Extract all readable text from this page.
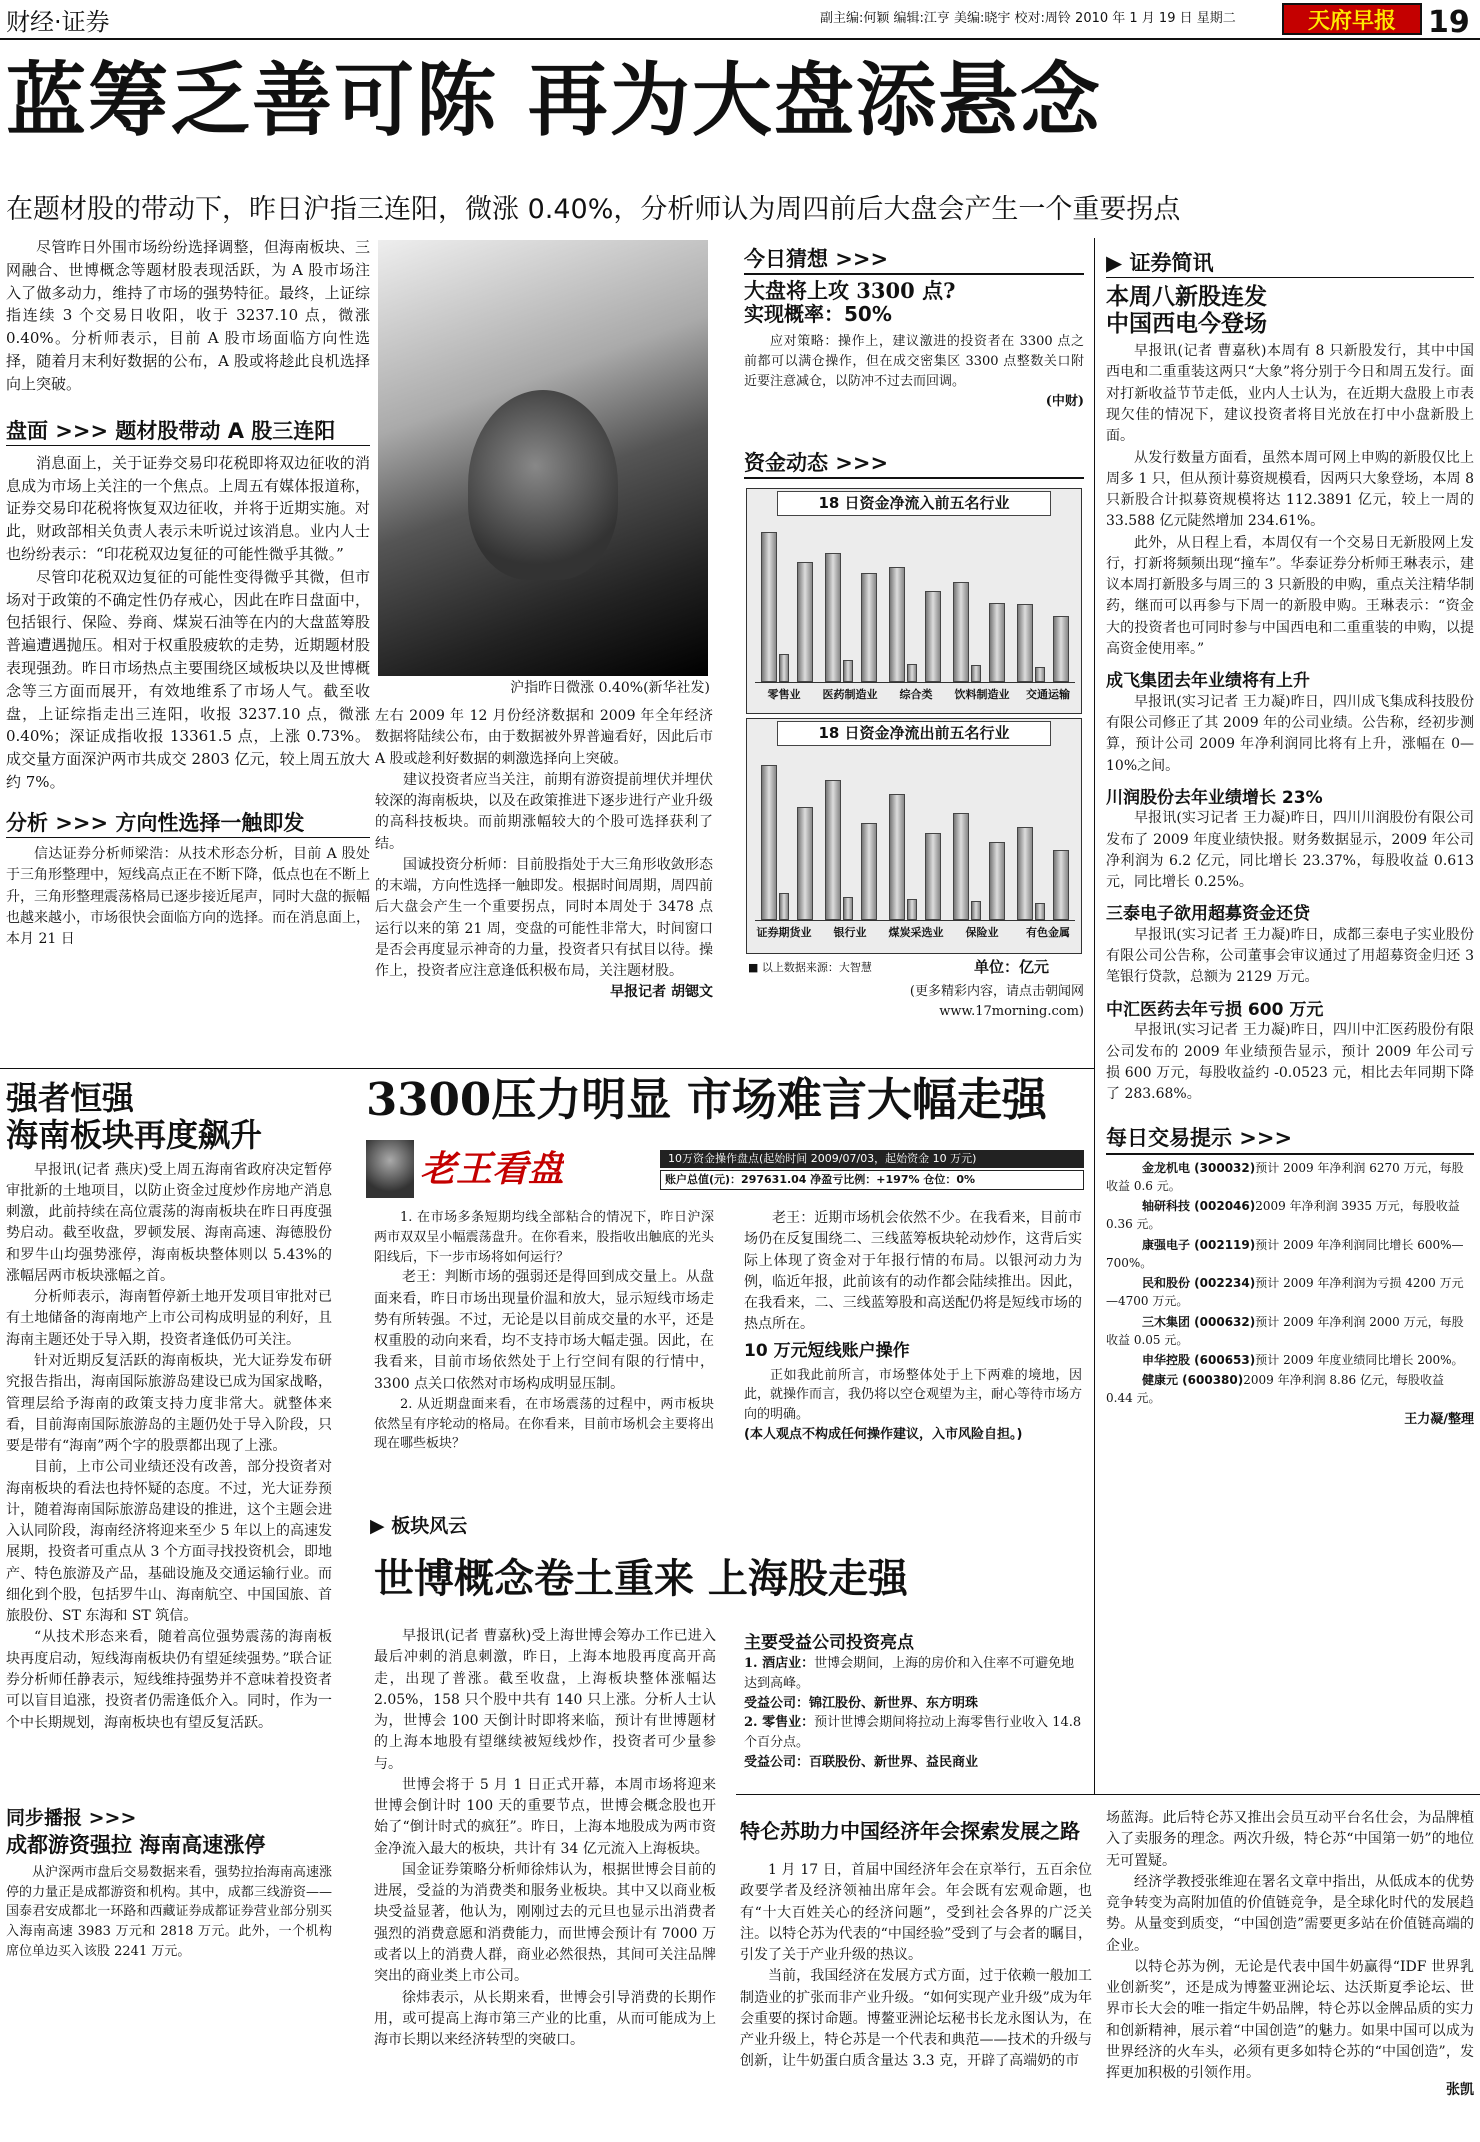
财经·证券	副主编:何颖 编辑:江亨 美编:晓宇 校对:周铃 2010 年 1 月 19 日 星期二	天府早报	19
蓝筹乏善可陈 再为大盘添悬念
在题材股的带动下，昨日沪指三连阳，微涨 0.40%，分析师认为周四前后大盘会产生一个重要拐点

尽管昨日外围市场纷纷选择调整，但海南板块、三网融合、世博概念等题材股表现活跃，为 A 股市场注入了做多动力，维持了市场的强势特征。最终，上证综指连续 3 个交易日收阳，收于 3237.10 点，微涨 0.40%。分析师表示，目前 A 股市场面临方向性选择，随着月末利好数据的公布，A 股或将趁此良机选择向上突破。

盘面 >>> 题材股带动 A 股三连阳

消息面上，关于证券交易印花税即将双边征收的消息成为市场上关注的一个焦点。上周五有媒体报道称，证券交易印花税将恢复双边征收，并将于近期实施。对此，财政部相关负责人表示未听说过该消息。业内人士也纷纷表示：“印花税双边复征的可能性微乎其微。”

尽管印花税双边复征的可能性变得微乎其微，但市场对于政策的不确定性仍存戒心，因此在昨日盘面中，包括银行、保险、券商、煤炭石油等在内的大盘蓝筹股普遍遭遇抛压。相对于权重股疲软的走势，近期题材股表现强劲。昨日市场热点主要围绕区域板块以及世博概念等三方面而展开，有效地维系了市场人气。截至收盘，上证综指走出三连阳，收报 3237.10 点，微涨 0.40%；深证成指收报 13361.5 点，上涨 0.73%。成交量方面深沪两市共成交 2803 亿元，较上周五放大约 7%。

分析 >>> 方向性选择一触即发

信达证券分析师梁浩：从技术形态分析，目前 A 股处于三角形整理中，短线高点正在不断下降，低点也在不断上升，三角形整理震荡格局已逐步接近尾声，同时大盘的振幅也越来越小，市场很快会面临方向的选择。而在消息面上，本月 21 日

沪指昨日微涨 0.40%(新华社发)

左右 2009 年 12 月份经济数据和 2009 年全年经济数据将陆续公布，由于数据被外界普遍看好，因此后市 A 股或趁利好数据的刺激选择向上突破。

建议投资者应当关注，前期有游资提前埋伏并埋伏较深的海南板块，以及在政策推进下逐步进行产业升级的高科技板块。而前期涨幅较大的个股可选择获利了结。

国诚投资分析师：目前股指处于大三角形收敛形态的末端，方向性选择一触即发。根据时间周期，周四前后大盘会产生一个重要拐点，同时本周处于 3478 点运行以来的第 21 周，变盘的可能性非常大，时间窗口是否会再度显示神奇的力量，投资者只有拭目以待。操作上，投资者应注意逢低积极布局，关注题材股。

早报记者 胡锶文
今日猜想 >>>
大盘将上攻 3300 点?
实现概率：50%

应对策略：操作上，建议激进的投资者在 3300 点之前都可以满仓操作，但在成交密集区 3300 点整数关口附近要注意减仓，以防冲不过去而回调。

(中财)
资金动态 >>>
18 日资金净流入前五名行业
零售业	医药制造业	综合类	饮料制造业	交通运输
18 日资金净流出前五名行业
证券期货业	银行业	煤炭采选业	保险业	有色金属
■ 以上数据来源：大智慧	单位：亿元
(更多精彩内容，请点击朝闻网
www.17morning.com)
▶ 证券简讯
本周八新股连发
中国西电今登场

早报讯(记者 曹嘉秋)本周有 8 只新股发行，其中中国西电和二重重装这两只“大象”将分别于今日和周五发行。面对打新收益节节走低，业内人士认为，在近期大盘股上市表现欠佳的情况下，建议投资者将目光放在打中小盘新股上面。

从发行数量方面看，虽然本周可网上申购的新股仅比上周多 1 只，但从预计募资规模看，因两只大象登场，本周 8 只新股合计拟募资规模将达 112.3891 亿元，较上一周的 33.588 亿元陡然增加 234.61%。

此外，从日程上看，本周仅有一个交易日无新股网上发行，打新将频频出现“撞车”。华泰证券分析师王琳表示，建议本周打新股多与周三的 3 只新股的申购，重点关注精华制药，继而可以再参与下周一的新股申购。王琳表示：“资金大的投资者也可同时参与中国西电和二重重装的申购，以提高资金使用率。”

成飞集团去年业绩将有上升

早报讯(实习记者 王力凝)昨日，四川成飞集成科技股份有限公司修正了其 2009 年的公司业绩。公告称，经初步测算，预计公司 2009 年净利润同比将有上升，涨幅在 0—10%之间。

川润股份去年业绩增长 23%

早报讯(实习记者 王力凝)昨日，四川川润股份有限公司发布了 2009 年度业绩快报。财务数据显示，2009 年公司净利润为 6.2 亿元，同比增长 23.37%，每股收益 0.613 元，同比增长 0.25%。

三泰电子欲用超募资金还贷

早报讯(实习记者 王力凝)昨日，成都三泰电子实业股份有限公司公告称，公司董事会审议通过了用超募资金归还 3 笔银行贷款，总额为 2129 万元。

中汇医药去年亏损 600 万元

早报讯(实习记者 王力凝)昨日，四川中汇医药股份有限公司发布的 2009 年业绩预告显示，预计 2009 年公司亏损 600 万元，每股收益约 -0.0523 元，相比去年同期下降了 283.68%。

每日交易提示 >>>
金龙机电 (300032)预计 2009 年净利润 6270 万元，每股收益 0.6 元。
轴研科技 (002046)2009 年净利润 3935 万元，每股收益 0.36 元。
康强电子 (002119)预计 2009 年净利润同比增长 600%—700%。
民和股份 (002234)预计 2009 年净利润为亏损 4200 万元—4700 万元。
三木集团 (000632)预计 2009 年净利润 2000 万元，每股收益 0.05 元。
申华控股 (600653)预计 2009 年度业绩同比增长 200%。
健康元 (600380)2009 年净利润 8.86 亿元，每股收益 0.44 元。
王力凝/整理
强者恒强
海南板块再度飙升

早报讯(记者 燕庆)受上周五海南省政府决定暂停审批新的土地项目，以防止资金过度炒作房地产消息刺激，此前持续在高位震荡的海南板块在昨日再度强势启动。截至收盘，罗顿发展、海南高速、海德股份和罗牛山均强势涨停，海南板块整体则以 5.43%的涨幅居两市板块涨幅之首。

分析师表示，海南暂停新土地开发项目审批对已有土地储备的海南地产上市公司构成明显的利好，且海南主题还处于导入期，投资者逢低仍可关注。

针对近期反复活跃的海南板块，光大证券发布研究报告指出，海南国际旅游岛建设已成为国家战略，管理层给予海南的政策支持力度非常大。就整体来看，目前海南国际旅游岛的主题仍处于导入阶段，只要是带有“海南”两个字的股票都出现了上涨。

目前，上市公司业绩还没有改善，部分投资者对海南板块的看法也持怀疑的态度。不过，光大证券预计，随着海南国际旅游岛建设的推进，这个主题会进入认同阶段，海南经济将迎来至少 5 年以上的高速发展期，投资者可重点从 3 个方面寻找投资机会，即地产、特色旅游及产品，基础设施及交通运输行业。而细化到个股，包括罗牛山、海南航空、中国国旅、首旅股份、ST 东海和 ST 筑信。

“从技术形态来看，随着高位强势震荡的海南板块再度启动，短线海南板块仍有望延续强势。”联合证券分析师任静表示，短线维持强势并不意味着投资者可以盲目追涨，投资者仍需逢低介入。同时，作为一个中长期规划，海南板块也有望反复活跃。

同步播报 >>>
成都游资强拉 海南高速涨停

从沪深两市盘后交易数据来看，强势拉抬海南高速涨停的力量正是成都游资和机构。其中，成都三线游资——国泰君安成都北一环路和西藏证券成都证券营业部分别买入海南高速 3983 万元和 2818 万元。此外，一个机构席位单边买入该股 2241 万元。

3300压力明显 市场难言大幅走强
老王看盘	10万资金操作盘点(起始时间 2009/07/03，起始资金 10 万元)
账户总值(元)：297631.04 净盈亏比例：+197% 仓位：0%

1. 在市场多条短期均线全部粘合的情况下，昨日沪深两市双双呈小幅震荡盘升。在你看来，股指收出触底的光头阳线后，下一步市场将如何运行？

老王：判断市场的强弱还是得回到成交量上。从盘面来看，昨日市场出现量价温和放大，显示短线市场走势有所转强。不过，无论是以目前成交量的水平，还是权重股的动向来看，均不支持市场大幅走强。因此，在我看来，目前市场依然处于上行空间有限的行情中，3300 点关口依然对市场构成明显压制。

2. 从近期盘面来看，在市场震荡的过程中，两市板块依然呈有序轮动的格局。在你看来，目前市场机会主要将出现在哪些板块？

老王：近期市场机会依然不少。在我看来，目前市场仍在反复围绕二、三线蓝筹板块轮动炒作，这背后实际上体现了资金对于年报行情的布局。以银河动力为例，临近年报，此前该有的动作都会陆续推出。因此，在我看来，二、三线蓝筹股和高送配仍将是短线市场的热点所在。

10 万元短线账户操作

正如我此前所言，市场整体处于上下两难的境地，因此，就操作而言，我仍将以空仓观望为主，耐心等待市场方向的明确。

(本人观点不构成任何操作建议，入市风险自担。)
▶ 板块风云
世博概念卷土重来 上海股走强

早报讯(记者 曹嘉秋)受上海世博会筹办工作已进入最后冲刺的消息刺激，昨日，上海本地股再度高开高走，出现了普涨。截至收盘，上海板块整体涨幅达 2.05%，158 只个股中共有 140 只上涨。分析人士认为，世博会 100 天倒计时即将来临，预计有世博题材的上海本地股有望继续被短线炒作，投资者可少量参与。

世博会将于 5 月 1 日正式开幕，本周市场将迎来世博会倒计时 100 天的重要节点，世博会概念股也开始了“倒计时式的疯狂”。昨日，上海本地股成为两市资金净流入最大的板块，共计有 34 亿元流入上海板块。

国金证券策略分析师徐炜认为，根据世博会目前的进展，受益的为消费类和服务业板块。其中又以商业板块受益显著，他认为，刚刚过去的元旦也显示出消费者强烈的消费意愿和消费能力，而世博会预计有 7000 万或者以上的消费人群，商业必然很热，其间可关注品牌突出的商业类上市公司。

徐炜表示，从长期来看，世博会引导消费的长期作用，或可提高上海市第三产业的比重，从而可能成为上海市长期以来经济转型的突破口。

主要受益公司投资亮点
1. 酒店业：世博会期间，上海的房价和入住率不可避免地达到高峰。
受益公司：锦江股份、新世界、东方明珠
2. 零售业：预计世博会期间将拉动上海零售行业收入 14.8 个百分点。
受益公司：百联股份、新世界、益民商业
特仑苏助力中国经济年会探索发展之路

1 月 17 日，首届中国经济年会在京举行，五百余位政要学者及经济领袖出席年会。年会既有宏观命题，也有“十大百姓关心的经济问题”，受到社会各界的广泛关注。以特仑苏为代表的“中国经验”受到了与会者的瞩目，引发了关于产业升级的热议。

当前，我国经济在发展方式方面，过于依赖一般加工制造业的扩张而非产业升级。“如何实现产业升级”成为年会重要的探讨命题。博鳌亚洲论坛秘书长龙永图认为，在产业升级上，特仑苏是一个代表和典范——技术的升级与创新，让牛奶蛋白质含量达 3.3 克，开辟了高端奶的市

场蓝海。此后特仑苏又推出会员互动平台名仕会，为品牌植入了卖服务的理念。两次升级，特仑苏“中国第一奶”的地位无可置疑。

经济学教授张维迎在署名文章中指出，从低成本的优势竞争转变为高附加值的价值链竞争，是全球化时代的发展趋势。从量变到质变，“中国创造”需要更多站在价值链高端的企业。

以特仑苏为例，无论是代表中国牛奶赢得“IDF 世界乳业创新奖”，还是成为博鳌亚洲论坛、达沃斯夏季论坛、世界市长大会的唯一指定牛奶品牌，特仑苏以金牌品质的实力和创新精神，展示着“中国创造”的魅力。如果中国可以成为世界经济的火车头，必须有更多如特仑苏的“中国创造”，发挥更加积极的引领作用。

张凯
